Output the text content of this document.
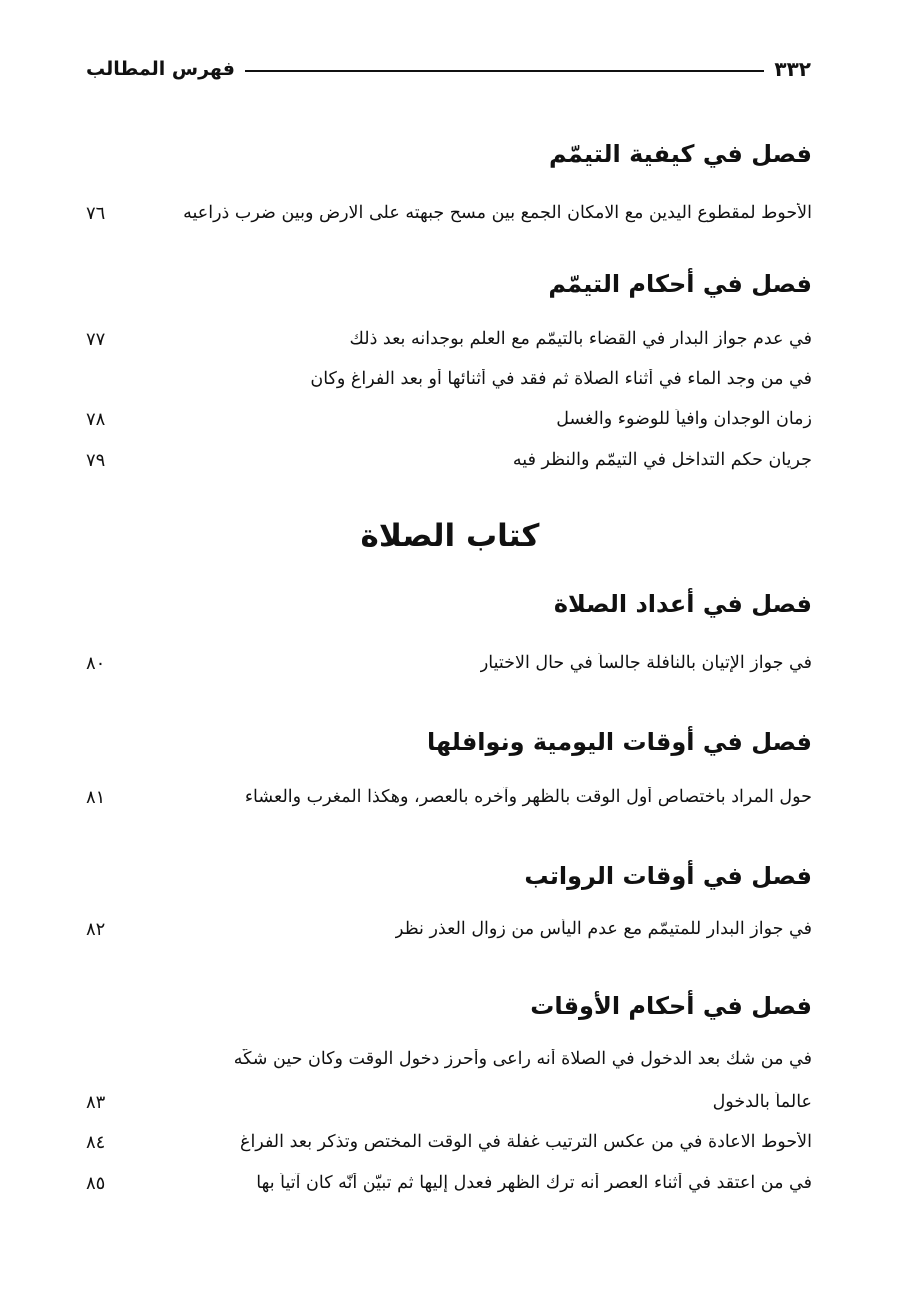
٣٣٢
فهرس المطالب
فصل في كيفية التيمّم
الأحوط لمقطوع اليدين مع الامكان الجمع بين مسح جبهته على الارض وبين ضرب ذراعيه
٧٦
فصل في أحكام التيمّم
في عدم جواز البدار في القضاء بالتيمّم مع العلم بوجدانه بعد ذلك
٧٧
في من وجد الماء في أثناء الصلاة ثم فقد في أثنائها أو بعد الفراغ وكان
زمان الوجدان وافياً للوضوء والغسل
٧٨
جريان حكم التداخل في التيمّم والنظر فيه
٧٩
كتاب الصلاة
فصل في أعداد الصلاة
في جواز الإتيان بالنافلة جالساً في حال الاختيار
٨٠
فصل في أوقات اليومية ونوافلها
حول المراد باختصاص أول الوقت بالظهر وآخره بالعصر، وهكذا المغرب والعشاء
٨١
فصل في أوقات الرواتب
في جواز البدار للمتيمّم مع عدم اليأس من زوال العذر نظر
٨٢
فصل في أحكام الأوقات
في من شك بعد الدخول في الصلاة أنه راعى وأحرز دخول الوقت وكان حين شكّه
عالماً بالدخول
٨٣
الأحوط الاعادة في من عكس الترتيب غفلة في الوقت المختص وتذكر بعد الفراغ
٨٤
في من اعتقد في أثناء العصر أنه ترك الظهر فعدل إليها ثم تبيّن أنّه كان آتياً بها
٨٥
